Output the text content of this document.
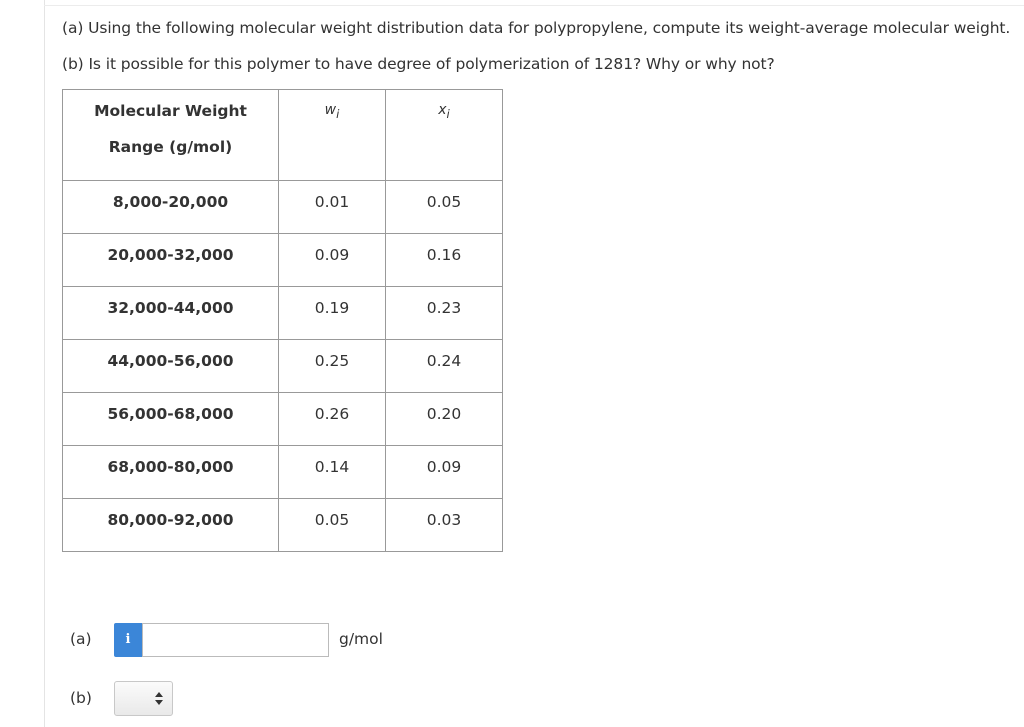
(a) Using the following molecular weight distribution data for polypropylene, compute its weight-average molecular weight.
(b) Is it possible for this polymer to have degree of polymerization of 1281? Why or why not?
Molecular Weight
Range (g/mol)	$w_i$	$x_i$

8,000-20,000	0.01	0.05
20,000-32,000	0.09	0.16
32,000-44,000	0.19	0.23
44,000-56,000	0.25	0.24
56,000-68,000	0.26	0.20
68,000-80,000	0.14	0.09
80,000-92,000	0.05	0.03
(a)	i	g/mol
(b)
